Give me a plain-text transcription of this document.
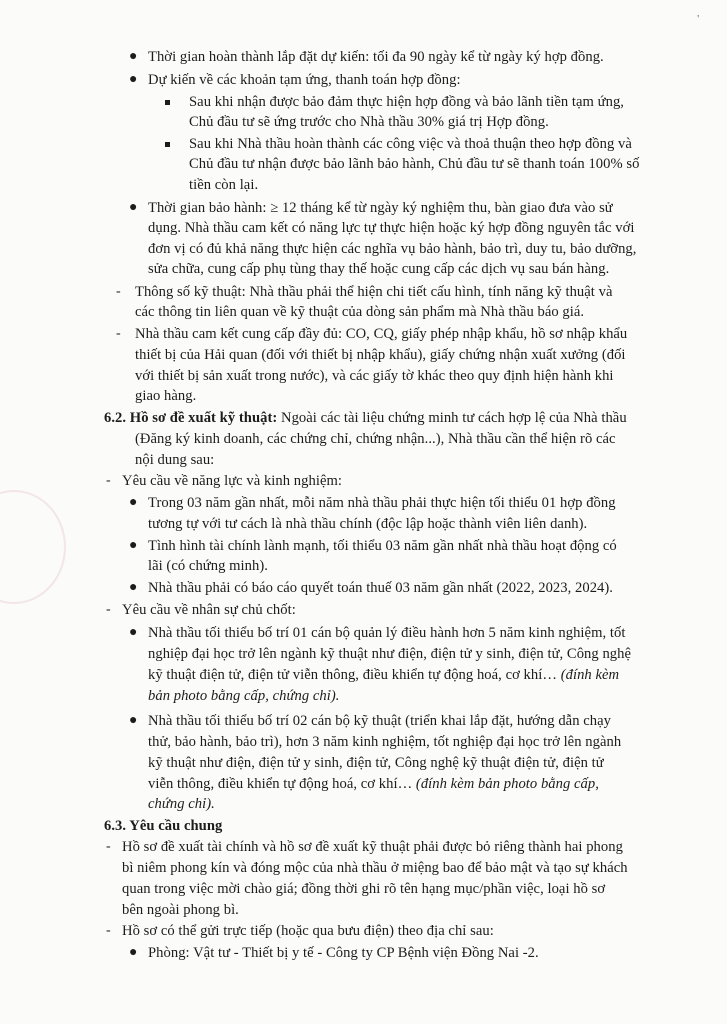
'
● Thời gian hoàn thành lắp đặt dự kiến: tối đa 90 ngày kể từ ngày ký hợp đồng.
● Dự kiến về các khoản tạm ứng, thanh toán hợp đồng:
Sau khi nhận được bảo đảm thực hiện hợp đồng và bảo lãnh tiền tạm ứng,
Chủ đầu tư sẽ ứng trước cho Nhà thầu 30% giá trị Hợp đồng.
Sau khi Nhà thầu hoàn thành các công việc và thoả thuận theo hợp đồng và
Chủ đầu tư nhận được bảo lãnh bảo hành, Chủ đầu tư sẽ thanh toán 100% số
tiền còn lại.
● Thời gian bảo hành: ≥ 12 tháng kể từ ngày ký nghiệm thu, bàn giao đưa vào sử
dụng. Nhà thầu cam kết có năng lực tự thực hiện hoặc ký hợp đồng nguyên tắc với
đơn vị có đủ khả năng thực hiện các nghĩa vụ bảo hành, bảo trì, duy tu, bảo dưỡng,
sửa chữa, cung cấp phụ tùng thay thế hoặc cung cấp các dịch vụ sau bán hàng.
- Thông số kỹ thuật: Nhà thầu phải thể hiện chi tiết cấu hình, tính năng kỹ thuật và
các thông tin liên quan về kỹ thuật của dòng sản phẩm mà Nhà thầu báo giá.
- Nhà thầu cam kết cung cấp đầy đủ: CO, CQ, giấy phép nhập khẩu, hồ sơ nhập khẩu
thiết bị của Hải quan (đối với thiết bị nhập khẩu), giấy chứng nhận xuất xưởng (đối
với thiết bị sản xuất trong nước), và các giấy tờ khác theo quy định hiện hành khi
giao hàng.
6.2. Hồ sơ đề xuất kỹ thuật: Ngoài các tài liệu chứng minh tư cách hợp lệ của Nhà thầu
(Đăng ký kinh doanh, các chứng chỉ, chứng nhận...), Nhà thầu cần thể hiện rõ các
nội dung sau:
- Yêu cầu về năng lực và kinh nghiệm:
● Trong 03 năm gần nhất, mỗi năm nhà thầu phải thực hiện tối thiểu 01 hợp đồng
tương tự với tư cách là nhà thầu chính (độc lập hoặc thành viên liên danh).
● Tình hình tài chính lành mạnh, tối thiểu 03 năm gần nhất nhà thầu hoạt động có
lãi (có chứng minh).
● Nhà thầu phải có báo cáo quyết toán thuế 03 năm gần nhất (2022, 2023, 2024).
- Yêu cầu về nhân sự chủ chốt:
● Nhà thầu tối thiểu bố trí 01 cán bộ quản lý điều hành hơn 5 năm kinh nghiệm, tốt
nghiệp đại học trở lên ngành kỹ thuật như điện, điện tử y sinh, điện tử, Công nghệ
kỹ thuật điện tử, điện tử viễn thông, điều khiển tự động hoá, cơ khí… (đính kèm
bản photo bằng cấp, chứng chỉ).
● Nhà thầu tối thiểu bố trí 02 cán bộ kỹ thuật (triển khai lắp đặt, hướng dẫn chạy
thử, bảo hành, bảo trì), hơn 3 năm kinh nghiệm, tốt nghiệp đại học trở lên ngành
kỹ thuật như điện, điện tử y sinh, điện tử, Công nghệ kỹ thuật điện tử, điện tử
viễn thông, điều khiển tự động hoá, cơ khí… (đính kèm bản photo bằng cấp,
chứng chỉ).
6.3. Yêu cầu chung
- Hồ sơ đề xuất tài chính và hồ sơ đề xuất kỹ thuật phải được bỏ riêng thành hai phong
bì niêm phong kín và đóng mộc của nhà thầu ở miệng bao để bảo mật và tạo sự khách
quan trong việc mời chào giá; đồng thời ghi rõ tên hạng mục/phần việc, loại hồ sơ
bên ngoài phong bì.
- Hồ sơ có thể gửi trực tiếp (hoặc qua bưu điện) theo địa chỉ sau:
● Phòng: Vật tư - Thiết bị y tế - Công ty CP Bệnh viện Đồng Nai -2.
